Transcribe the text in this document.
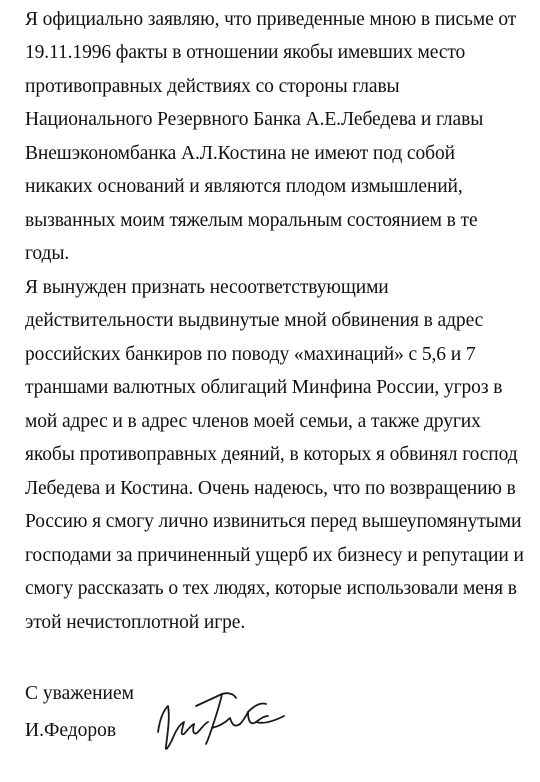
Я официально заявляю, что приведенные мною в письме от
19.11.1996 факты в отношении якобы имевших место
противоправных действиях со стороны главы
Национального Резервного Банка А.Е.Лебедева и главы
Внешэкономбанка А.Л.Костина не имеют под собой
никаких оснований и являются плодом измышлений,
вызванных моим тяжелым моральным состоянием в те
годы.
Я вынужден признать несоответствующими
действительности выдвинутые мной обвинения в адрес
российских банкиров по поводу «махинаций» с 5,6 и 7
траншами валютных облигаций Минфина России, угроз в
мой адрес и в адрес членов моей семьи, а также других
якобы противоправных деяний, в которых я обвинял господ
Лебедева и Костина. Очень надеюсь, что по возвращению в
Россию я смогу лично извиниться перед вышеупомянутыми
господами за причиненный ущерб их бизнесу и репутации и
смогу рассказать о тех людях, которые использовали меня в
этой нечистоплотной игре.
С уважением
И.Федоров
